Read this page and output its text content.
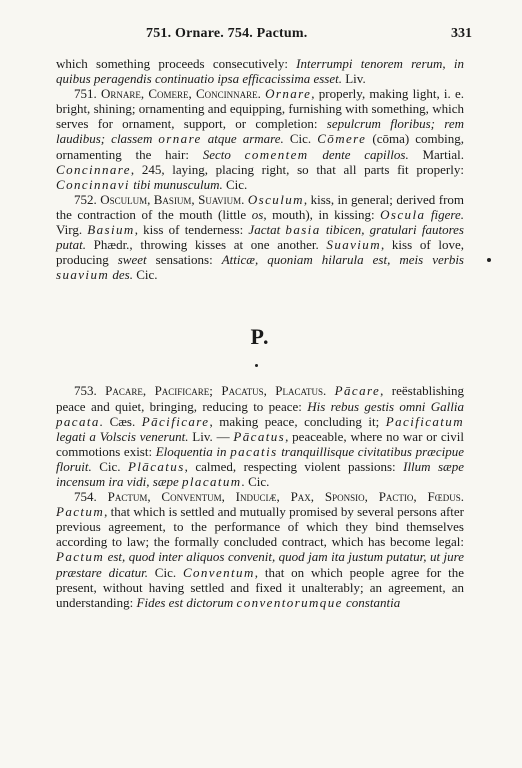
751. Ornare. 754. Pactum.	331

which something proceeds consecutively: Interrumpi tenorem rerum, in quibus peragendis continuatio ipsa efficacissima esset. Liv.

751. Ornare, Comere, Concinnare. Ornare, properly, making light, i. e. bright, shining; ornamenting and equipping, furnishing with something, which serves for ornament, support, or completion: sepulcrum floribus; rem laudibus; classem ornare atque armare. Cic. Cōmere (cōma) combing, ornamenting the hair: Secto comentem dente capillos. Martial. Concinnare, 245, laying, placing right, so that all parts fit properly: Concinnavi tibi munusculum. Cic.

752. Osculum, Basium, Suavium. Osculum, kiss, in general; derived from the contraction of the mouth (little os, mouth), in kissing: Oscula figere. Virg. Basium, kiss of tenderness: Jactat basia tibicen, gratulari fautores putat. Phædr., throwing kisses at one another. Suavium, kiss of love, producing sweet sensations: Atticæ, quoniam hilarula est, meis verbis suavium des. Cic.

P.

753. Pacare, Pacificare; Pacatus, Placatus. Pācare, reëstablishing peace and quiet, bringing, reducing to peace: His rebus gestis omni Gallia pacata. Cæs. Pācificare, making peace, concluding it; Pacificatum legati a Volscis venerunt. Liv. — Pācatus, peaceable, where no war or civil commotions exist: Eloquentia in pacatis tranquillisque civitatibus præcipue floruit. Cic. Plācatus, calmed, respecting violent passions: Illum sæpe incensum ira vidi, sæpe placatum. Cic.

754. Pactum, Conventum, Induciæ, Pax, Sponsio, Pactio, Fœdus. Pactum, that which is settled and mutually promised by several persons after previous agreement, to the performance of which they bind themselves according to law; the formally concluded contract, which has become legal: Pactum est, quod inter aliquos convenit, quod jam ita justum putatur, ut jure præstare dicatur. Cic. Conventum, that on which people agree for the present, without having settled and fixed it unalterably; an agreement, an understanding: Fides est dictorum conventorumque constantia
